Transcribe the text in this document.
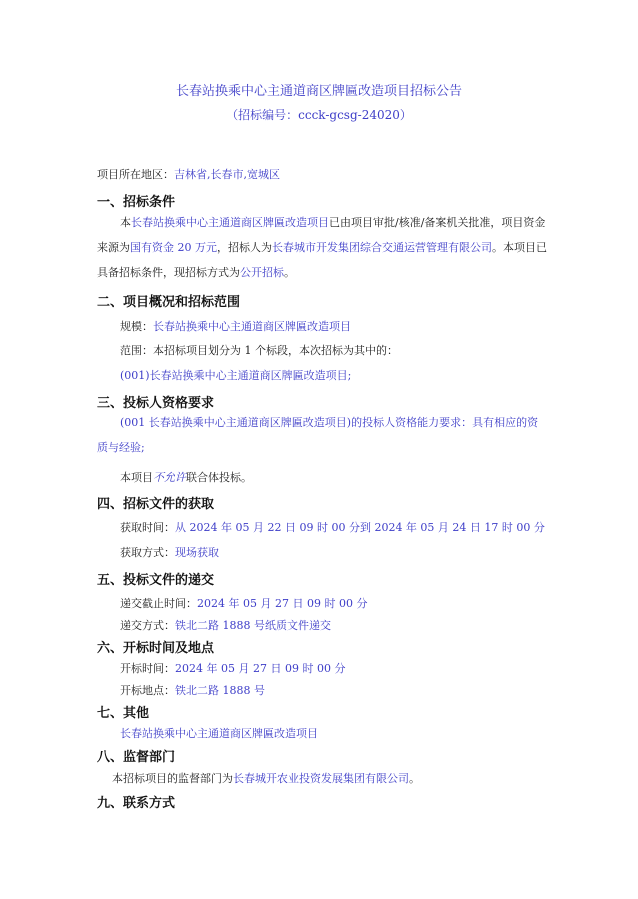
长春站换乘中心主通道商区牌匾改造项目招标公告
（招标编号：ccck-gcsg-24020）
项目所在地区：吉林省,长春市,宽城区
一、招标条件
本长春站换乘中心主通道商区牌匾改造项目已由项目审批/核准/备案机关批准，项目资金来源为国有资金 20 万元，招标人为长春城市开发集团综合交通运营管理有限公司。本项目已具备招标条件，现招标方式为公开招标。
二、项目概况和招标范围
规模：长春站换乘中心主通道商区牌匾改造项目
范围：本招标项目划分为 1 个标段，本次招标为其中的：
(001)长春站换乘中心主通道商区牌匾改造项目;
三、投标人资格要求
(001 长春站换乘中心主通道商区牌匾改造项目)的投标人资格能力要求：具有相应的资质与经验;
本项目不允许联合体投标。
四、招标文件的获取
获取时间：从 2024 年 05 月 22 日 09 时 00 分到 2024 年 05 月 24 日 17 时 00 分
获取方式：现场获取
五、投标文件的递交
递交截止时间：2024 年 05 月 27 日 09 时 00 分
递交方式：铁北二路 1888 号纸质文件递交
六、开标时间及地点
开标时间：2024 年 05 月 27 日 09 时 00 分
开标地点：铁北二路 1888 号
七、其他
长春站换乘中心主通道商区牌匾改造项目
八、监督部门
本招标项目的监督部门为长春城开农业投资发展集团有限公司。
九、联系方式
